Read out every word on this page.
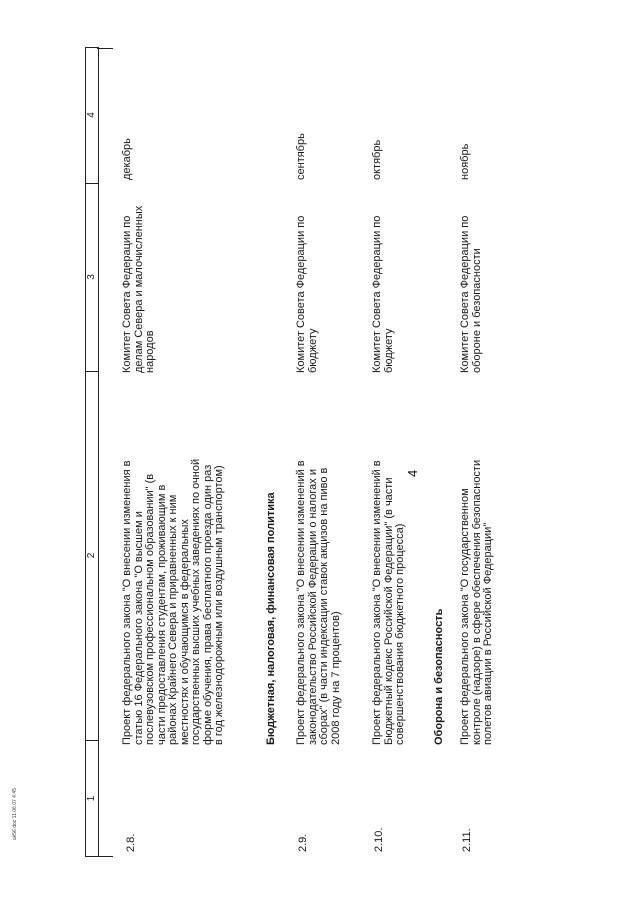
4
1
2
3
4
2.8.
Проект федерального закона "О внесении изменения в
статью 16 Федерального закона "О высшем и
послевузовском профессиональном образовании" (в
части предоставления студентам, проживающим в
районах Крайнего Севера и приравненных к ним
местностях и обучающимся в федеральных
государственных высших учебных заведениях по очной
форме обучения, права бесплатного проезда один раз
в год железнодорожным или воздушным транспортом)
Комитет Совета Федерации по
делам Севера и малочисленных
народов
декабрь
Бюджетная, налоговая, финансовая политика
2.9.
Проект федерального закона "О внесении изменений в
законодательство Российской Федерации о налогах и
сборах" (в части индексации ставок акцизов на пиво в
2008 году на 7 процентов)
Комитет Совета Федерации по
бюджету
сентябрь
2.10.
Проект федерального закона "О внесении изменений в
Бюджетный кодекс Российской Федерации" (в части
совершенствования бюджетного процесса)
Комитет Совета Федерации по
бюджету
октябрь
Оборона и безопасность
2.11.
Проект федерального закона "О государственном
контроле (надзоре) в сфере обеспечения безопасности
полетов авиации в Российской Федерации"
Комитет Совета Федерации по
обороне и безопасности
ноябрь
ak56.doc 11.06.07 4:45
